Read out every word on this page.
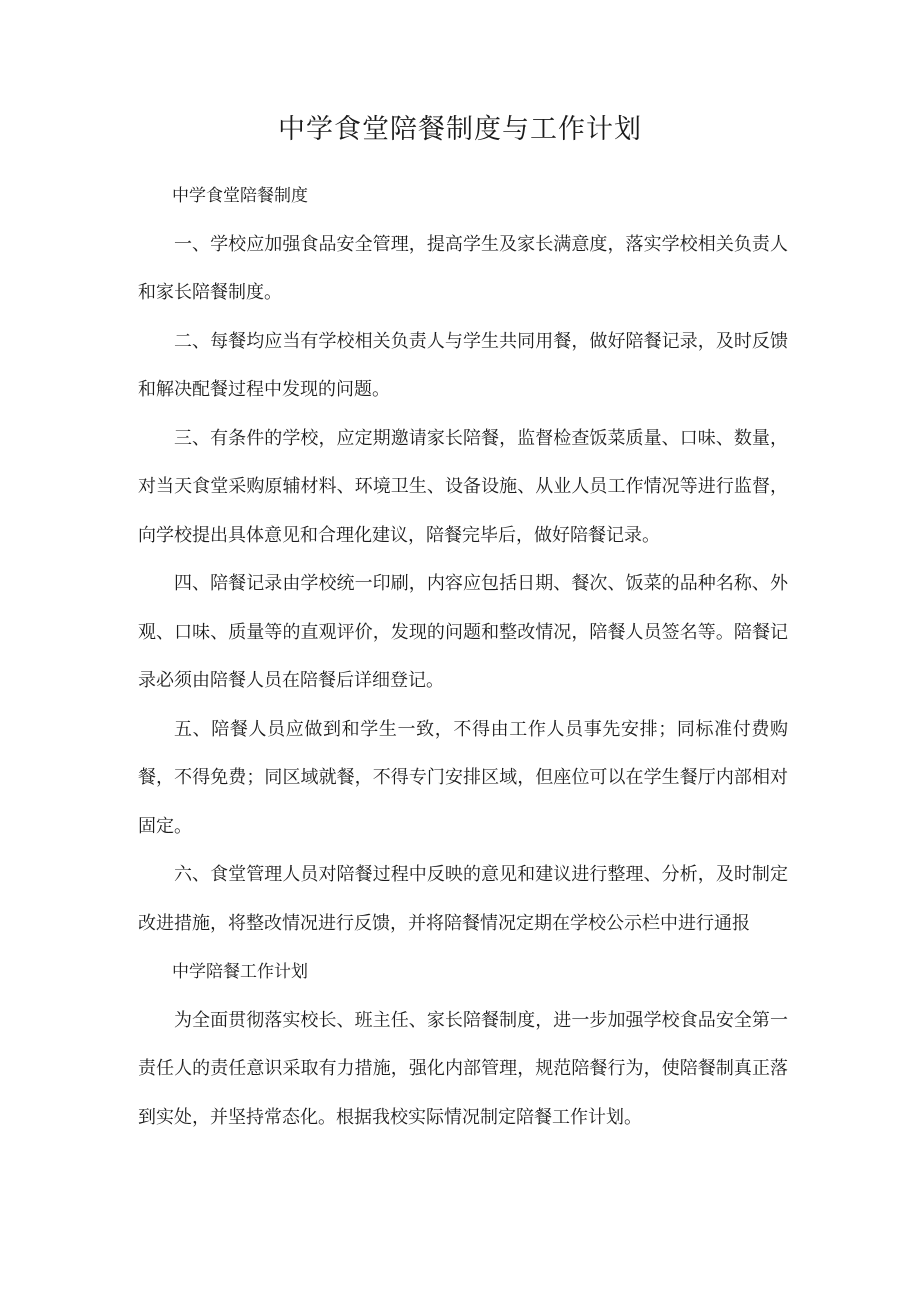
中学食堂陪餐制度与工作计划

中学食堂陪餐制度

一、学校应加强食品安全管理，提高学生及家长满意度，落实学校相关负责人和家长陪餐制度。

二、每餐均应当有学校相关负责人与学生共同用餐，做好陪餐记录，及时反馈和解决配餐过程中发现的问题。

三、有条件的学校，应定期邀请家长陪餐，监督检查饭菜质量、口味、数量，对当天食堂采购原辅材料、环境卫生、设备设施、从业人员工作情况等进行监督，向学校提出具体意见和合理化建议，陪餐完毕后，做好陪餐记录。

四、陪餐记录由学校统一印刷，内容应包括日期、餐次、饭菜的品种名称、外观、口味、质量等的直观评价，发现的问题和整改情况，陪餐人员签名等。陪餐记录必须由陪餐人员在陪餐后详细登记。

五、陪餐人员应做到和学生一致，不得由工作人员事先安排；同标准付费购餐，不得免费；同区域就餐，不得专门安排区域，但座位可以在学生餐厅内部相对固定。

六、食堂管理人员对陪餐过程中反映的意见和建议进行整理、分析，及时制定改进措施，将整改情况进行反馈，并将陪餐情况定期在学校公示栏中进行通报

中学陪餐工作计划

为全面贯彻落实校长、班主任、家长陪餐制度，进一步加强学校食品安全第一责任人的责任意识采取有力措施，强化内部管理，规范陪餐行为，使陪餐制真正落到实处，并坚持常态化。根据我校实际情况制定陪餐工作计划。
